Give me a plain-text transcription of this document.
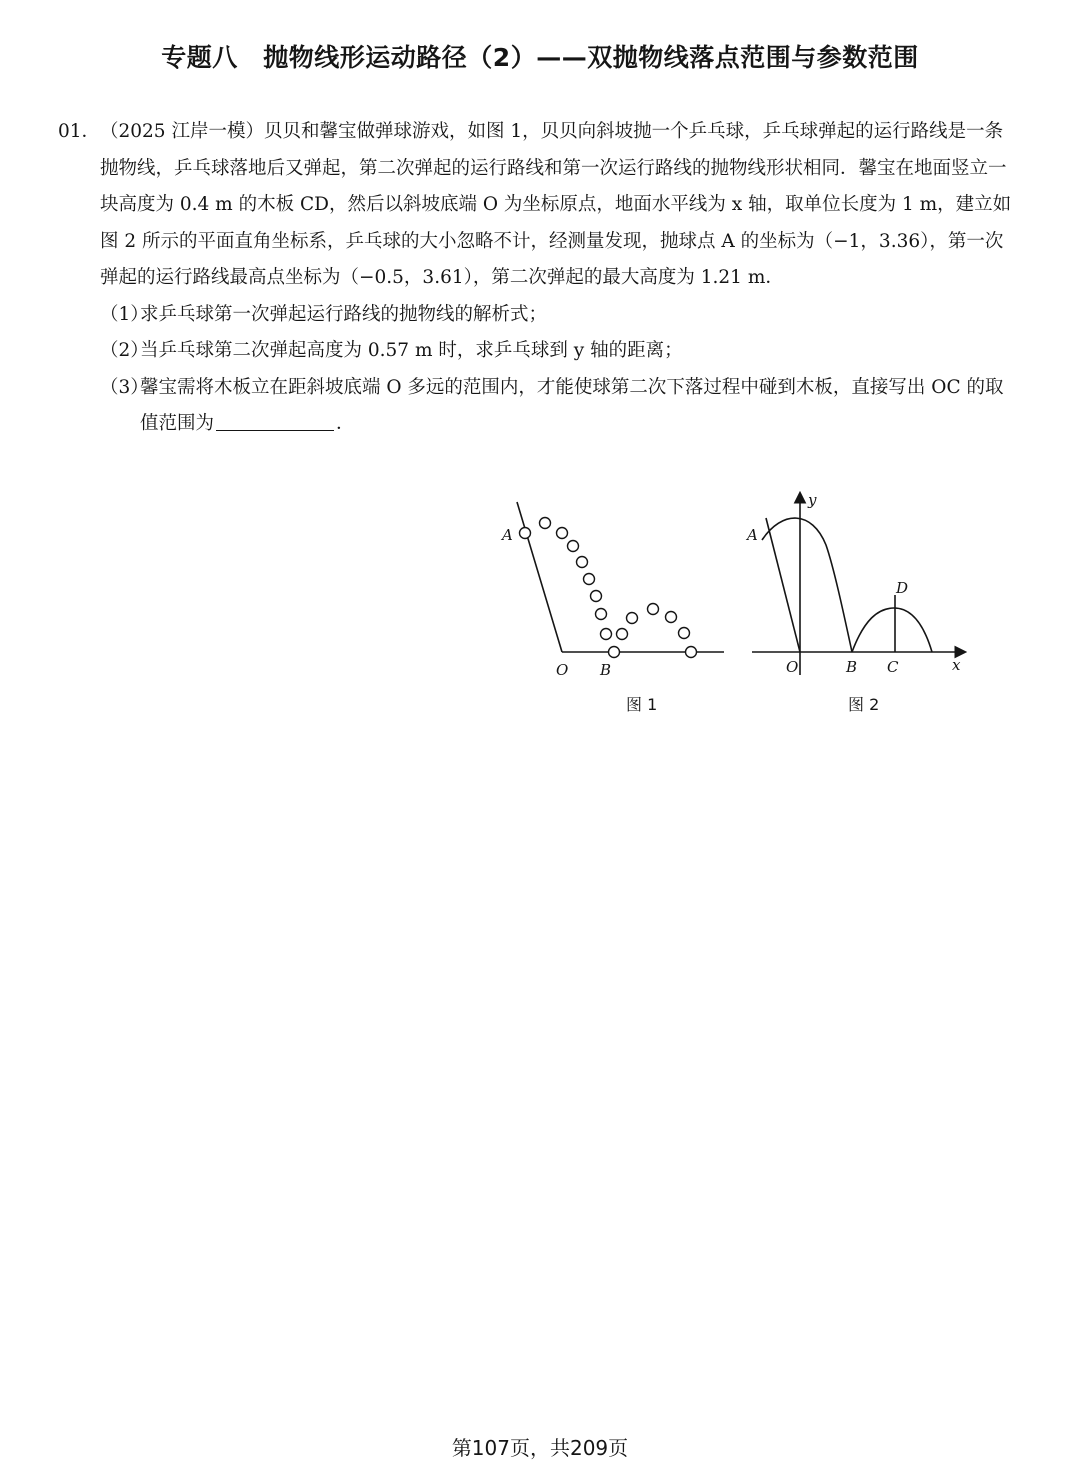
专题八　抛物线形运动路径（2）——双抛物线落点范围与参数范围
01． （2025 江岸一模）贝贝和馨宝做弹球游戏，如图 1，贝贝向斜坡抛一个乒乓球，乒乓球弹起的运行路线是一条抛物线，乒乓球落地后又弹起，第二次弹起的运行路线和第一次运行路线的抛物线形状相同．馨宝在地面竖立一块高度为 0.4 m 的木板 CD，然后以斜坡底端 O 为坐标原点，地面水平线为 x 轴，取单位长度为 1 m，建立如图 2 所示的平面直角坐标系，乒乓球的大小忽略不计，经测量发现，抛球点 A 的坐标为（−1，3.36），第一次弹起的运行路线最高点坐标为（−0.5，3.61），第二次弹起的最大高度为 1.21 m．
（1）
求乒乓球第一次弹起运行路线的抛物线的解析式；
（2）
当乒乓球第二次弹起高度为 0.57 m 时，求乒乓球到 y 轴的距离；
（3）
馨宝需将木板立在距斜坡底端 O 多远的范围内，才能使球第二次下落过程中碰到木板，直接写出 OC 的取值范围为	．
A
O B
图 1
y
A
D
O	B C	x
图 2
第107页，共209页
